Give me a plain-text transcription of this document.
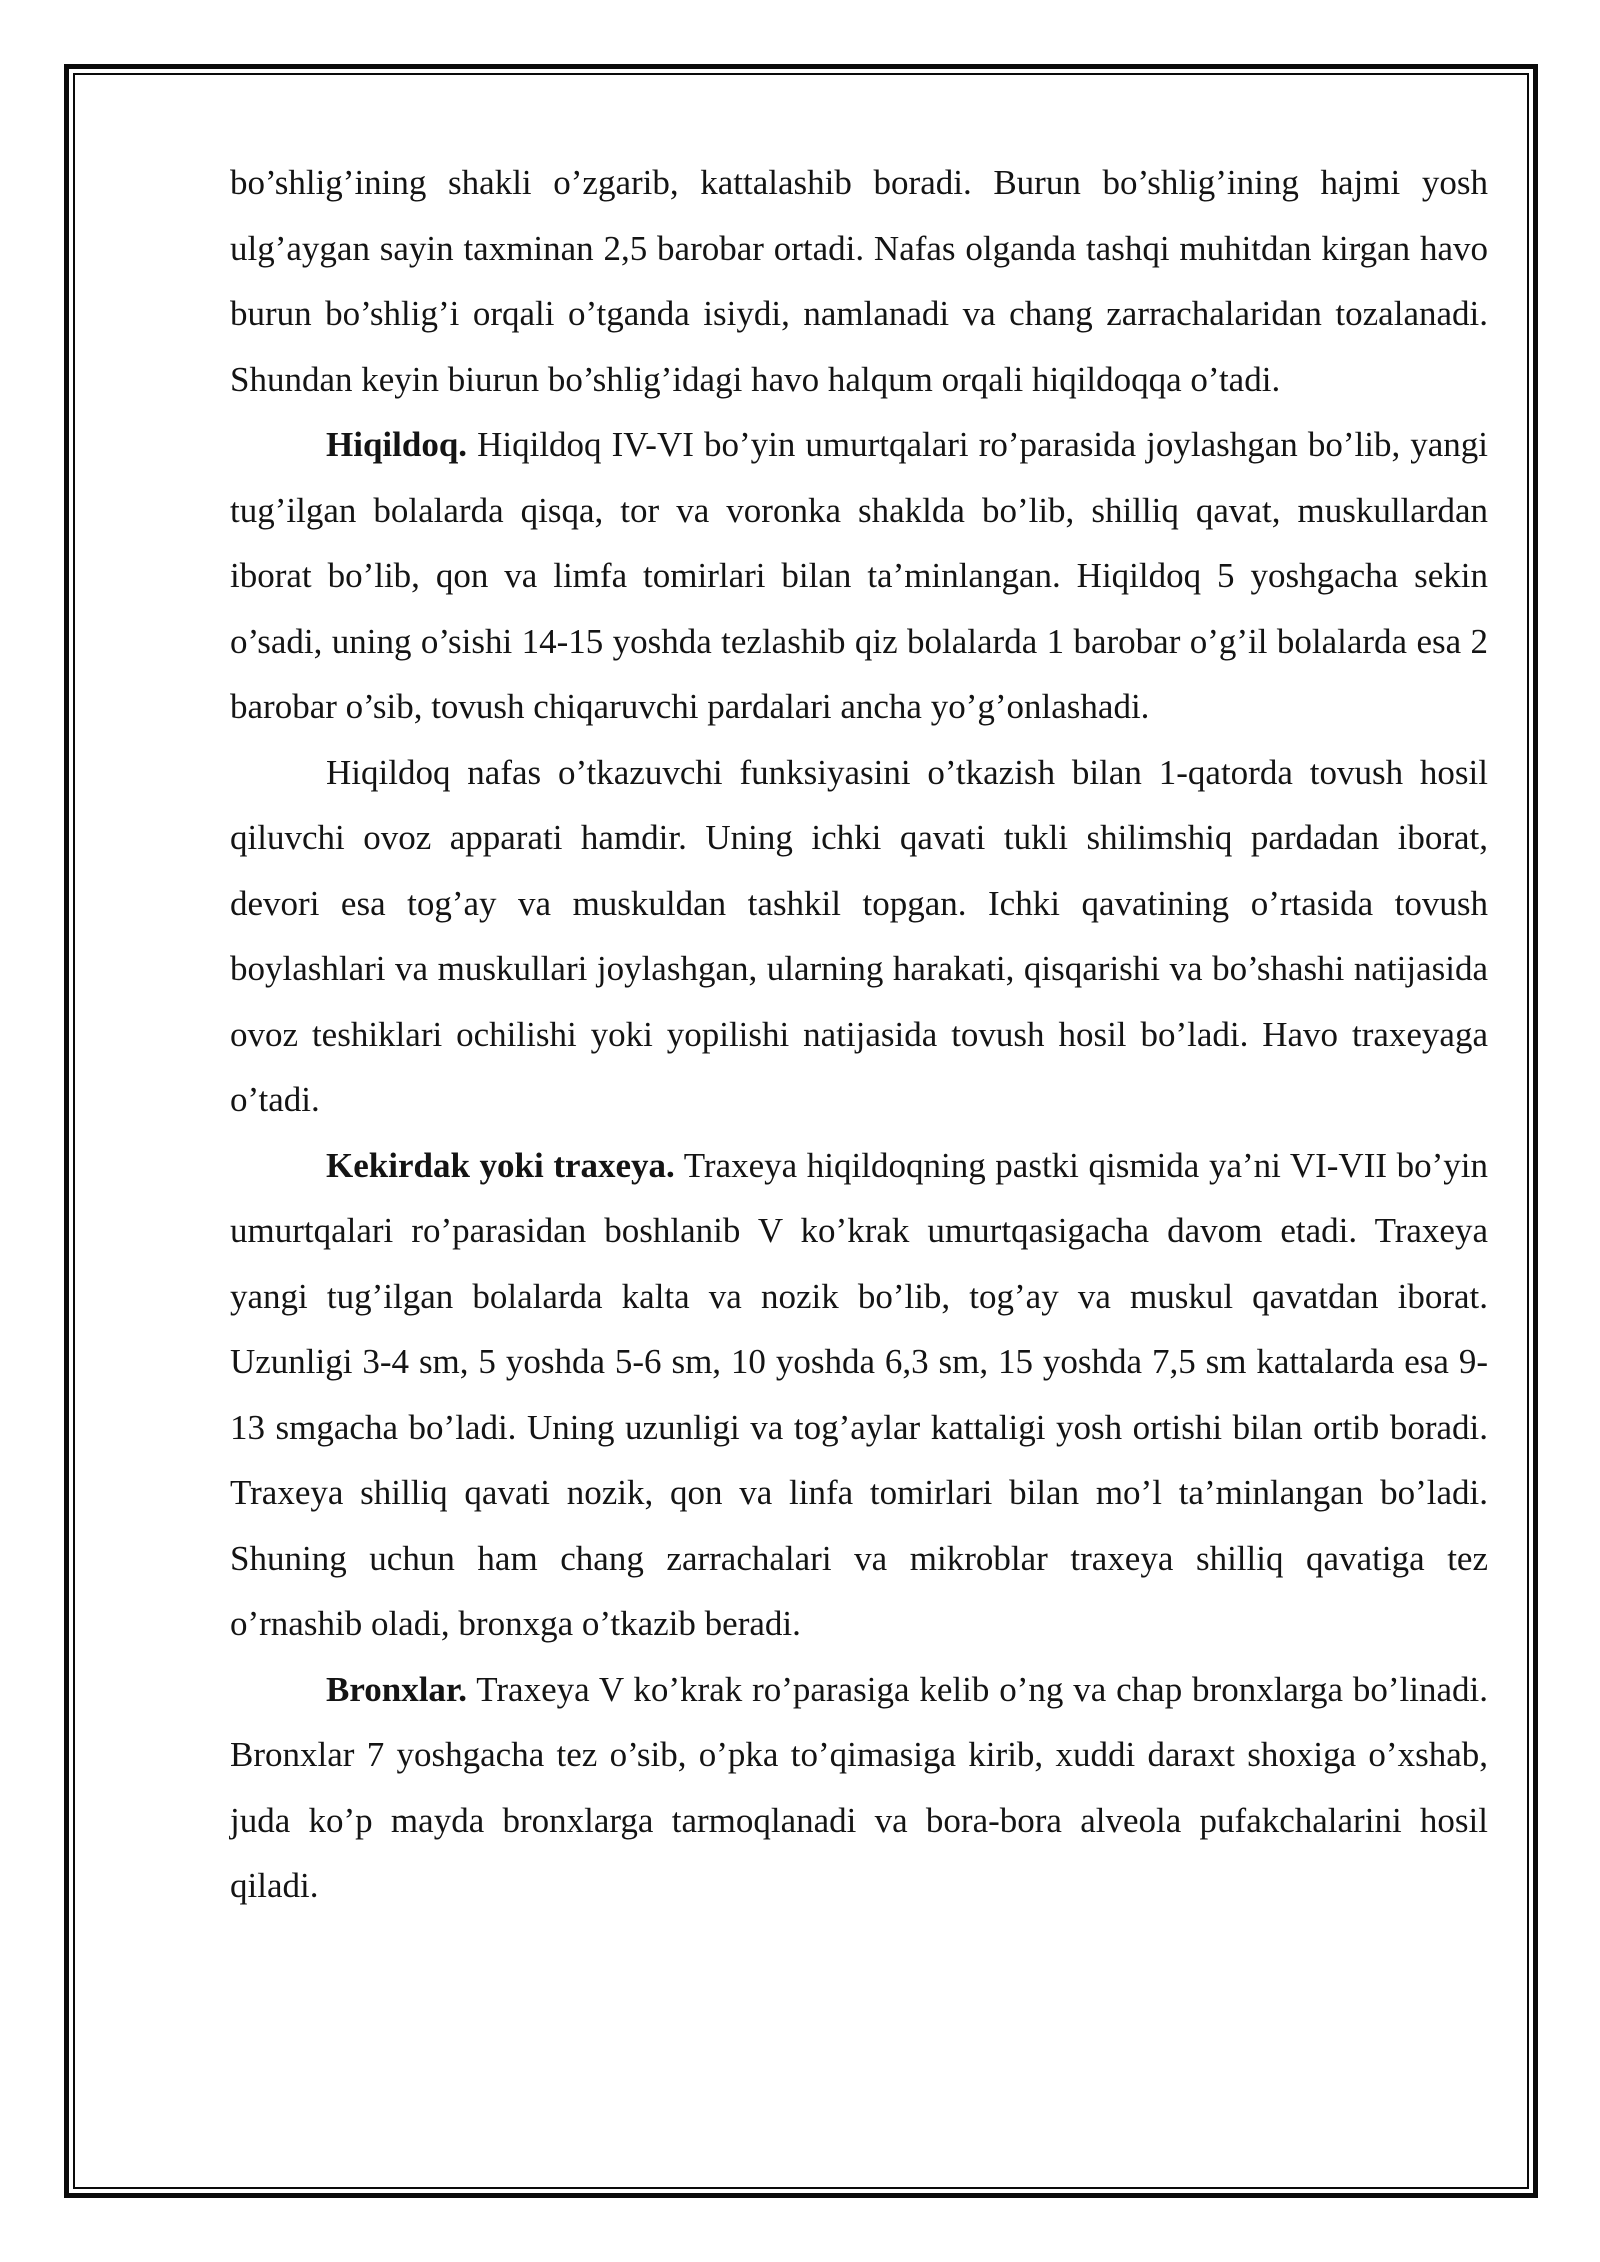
bo’shlig’ining shakli o’zgarib, kattalashib boradi. Burun bo’shlig’ining hajmi yosh ulg’aygan sayin taxminan 2,5 barobar ortadi. Nafas olganda tashqi muhitdan kirgan havo burun bo’shlig’i orqali o’tganda isiydi, namlanadi va chang zarrachalaridan tozalanadi. Shundan keyin biurun bo’shlig’idagi havo halqum orqali hiqildoqqa o’tadi.

Hiqildoq. Hiqildoq IV-VI bo’yin umurtqalari ro’parasida joylashgan bo’lib, yangi tug’ilgan bolalarda qisqa, tor va voronka shaklda bo’lib, shilliq qavat, muskullardan iborat bo’lib, qon va limfa tomirlari bilan ta’minlangan. Hiqildoq 5 yoshgacha sekin o’sadi, uning o’sishi 14-15 yoshda tezlashib qiz bolalarda 1 barobar o’g’il bolalarda esa 2 barobar o’sib, tovush chiqaruvchi pardalari ancha yo’g’onlashadi.

Hiqildoq nafas o’tkazuvchi funksiyasini o’tkazish bilan 1-qatorda tovush hosil qiluvchi ovoz apparati hamdir. Uning ichki qavati tukli shilimshiq pardadan iborat, devori esa tog’ay va muskuldan tashkil topgan. Ichki qavatining o’rtasida tovush boylashlari va muskullari joylashgan, ularning harakati, qisqarishi va bo’shashi natijasida ovoz teshiklari ochilishi yoki yopilishi natijasida tovush hosil bo’ladi. Havo traxeyaga o’tadi.

Kekirdak yoki traxeya. Traxeya hiqildoqning pastki qismida ya’ni VI-VII bo’yin umurtqalari ro’parasidan boshlanib V ko’krak umurtqasigacha davom etadi. Traxeya yangi tug’ilgan bolalarda kalta va nozik bo’lib, tog’ay va muskul qavatdan iborat. Uzunligi 3-4 sm, 5 yoshda 5-6 sm, 10 yoshda 6,3 sm, 15 yoshda 7,5 sm kattalarda esa 9-13 smgacha bo’ladi. Uning uzunligi va tog’aylar kattaligi yosh ortishi bilan ortib boradi. Traxeya shilliq qavati nozik, qon va linfa tomirlari bilan mo’l ta’minlangan bo’ladi. Shuning uchun ham chang zarrachalari va mikroblar traxeya shilliq qavatiga tez o’rnashib oladi, bronxga o’tkazib beradi.

Bronxlar. Traxeya V ko’krak ro’parasiga kelib o’ng va chap bronxlarga bo’linadi. Bronxlar 7 yoshgacha tez o’sib, o’pka to’qimasiga kirib, xuddi daraxt shoxiga o’xshab, juda ko’p mayda bronxlarga tarmoqlanadi va bora-bora alveola pufakchalarini hosil qiladi.
